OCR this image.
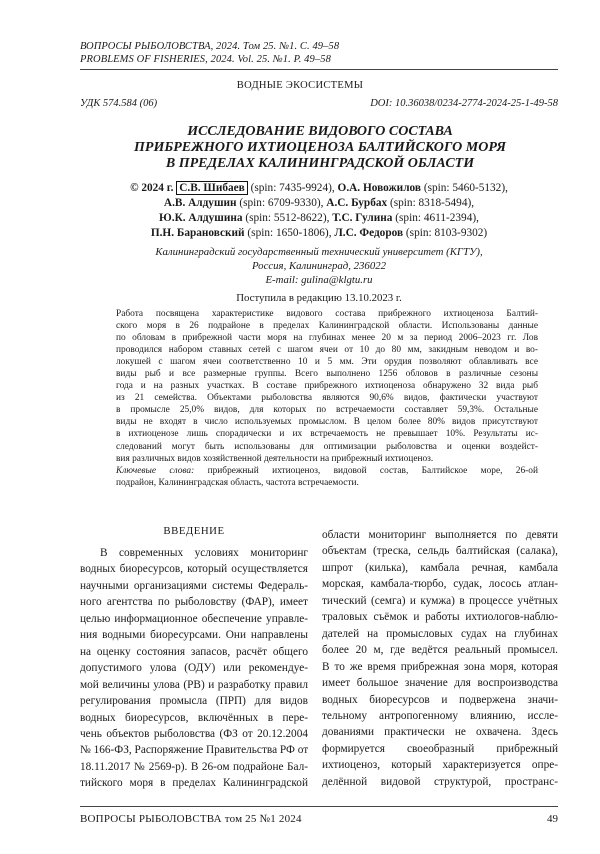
ВОПРОСЫ РЫБОЛОВСТВА, 2024. Том 25. №1. С. 49–58
PROBLEMS OF FISHERIES, 2024. Vol. 25. №1. P. 49–58
ВОДНЫЕ ЭКОСИСТЕМЫ
УДК 574.584 (06)	DOI: 10.36038/0234-2774-2024-25-1-49-58
ИССЛЕДОВАНИЕ ВИДОВОГО СОСТАВА
ПРИБРЕЖНОГО ИХТИОЦЕНОЗА БАЛТИЙСКОГО МОРЯ
В ПРЕДЕЛАХ КАЛИНИНГРАДСКОЙ ОБЛАСТИ
© 2024 г. С.В. Шибаев (spin: 7435-9924), О.А. Новожилов (spin: 5460-5132),
А.В. Алдушин (spin: 6709-9330), А.С. Бурбах (spin: 8318-5494),
Ю.К. Алдушина (spin: 5512-8622), Т.С. Гулина (spin: 4611-2394),
П.Н. Барановский (spin: 1650-1806), Л.С. Федоров (spin: 8103-9302)
Калининградский государственный технический университет (КГТУ),
Россия, Калининград, 236022
E-mail: gulina@klgtu.ru
Поступила в редакцию 13.10.2023 г.
Работа посвящена характеристике видового состава прибрежного ихтиоценоза Балтий-
ского моря в 26 подрайоне в пределах Калининградской области. Использованы данные
по обловам в прибрежной части моря на глубинах менее 20 м за период 2006–2023 гг. Лов
проводился набором ставных сетей с шагом ячеи от 10 до 80 мм, закидным неводом и во-
локушей с шагом ячеи соответственно 10 и 5 мм. Эти орудия позволяют облавливать все
виды рыб и все размерные группы. Всего выполнено 1256 обловов в различные сезоны
года и на разных участках. В составе прибрежного ихтиоценоза обнаружено 32 вида рыб
из 21 семейства. Объектами рыболовства являются 90,6% видов, фактически участвуют
в промысле 25,0% видов, для которых по встречаемости составляет 59,3%. Остальные
виды не входят в число используемых промыслом. В целом более 80% видов присутствуют
в ихтиоценозе лишь спорадически и их встречаемость не превышает 10%. Результаты ис-
следований могут быть использованы для оптимизации рыболовства и оценки воздейст-
вия различных видов хозяйственной деятельности на прибрежный ихтиоценоз.
Ключевые слова: прибрежный ихтиоценоз, видовой состав, Балтийское море, 26-ой
подрайон, Калининградская область, частота встречаемости.
ВВЕДЕНИЕ
В современных условиях мониторинг
водных биоресурсов, который осуществляется
научными организациями системы Федераль-
ного агентства по рыболовству (ФАР), имеет
целью информационное обеспечение управле-
ния водными биоресурсами. Они направлены
на оценку состояния запасов, расчёт общего
допустимого улова (ОДУ) или рекомендуе-
мой величины улова (РВ) и разработку правил
регулирования промысла (ПРП) для видов
водных биоресурсов, включённых в пере-
чень объектов рыболовства (ФЗ от 20.12.2004
№ 166-ФЗ, Распоряжение Правительства РФ от
18.11.2017 № 2569-р). В 26-ом подрайоне Бал-
тийского моря в пределах Калининградской
области мониторинг выполняется по девяти
объектам (треска, сельдь балтийская (салака),
шпрот (килька), камбала речная, камбала
морская, камбала-тюрбо, судак, лосось атлан-
тический (семга) и кумжа) в процессе учётных
траловых съёмок и работы ихтиологов-наблю-
дателей на промысловых судах на глубинах
более 20 м, где ведётся реальный промысел.
В то же время прибрежная зона моря, которая
имеет большое значение для воспроизводства
водных биоресурсов и подвержена значи-
тельному антропогенному влиянию, иссле-
дованиями практически не охвачена. Здесь
формируется своеобразный прибрежный
ихтиоценоз, который характеризуется опре-
делённой видовой структурой, пространс-
ВОПРОСЫ РЫБОЛОВСТВА том 25 №1 2024	49
